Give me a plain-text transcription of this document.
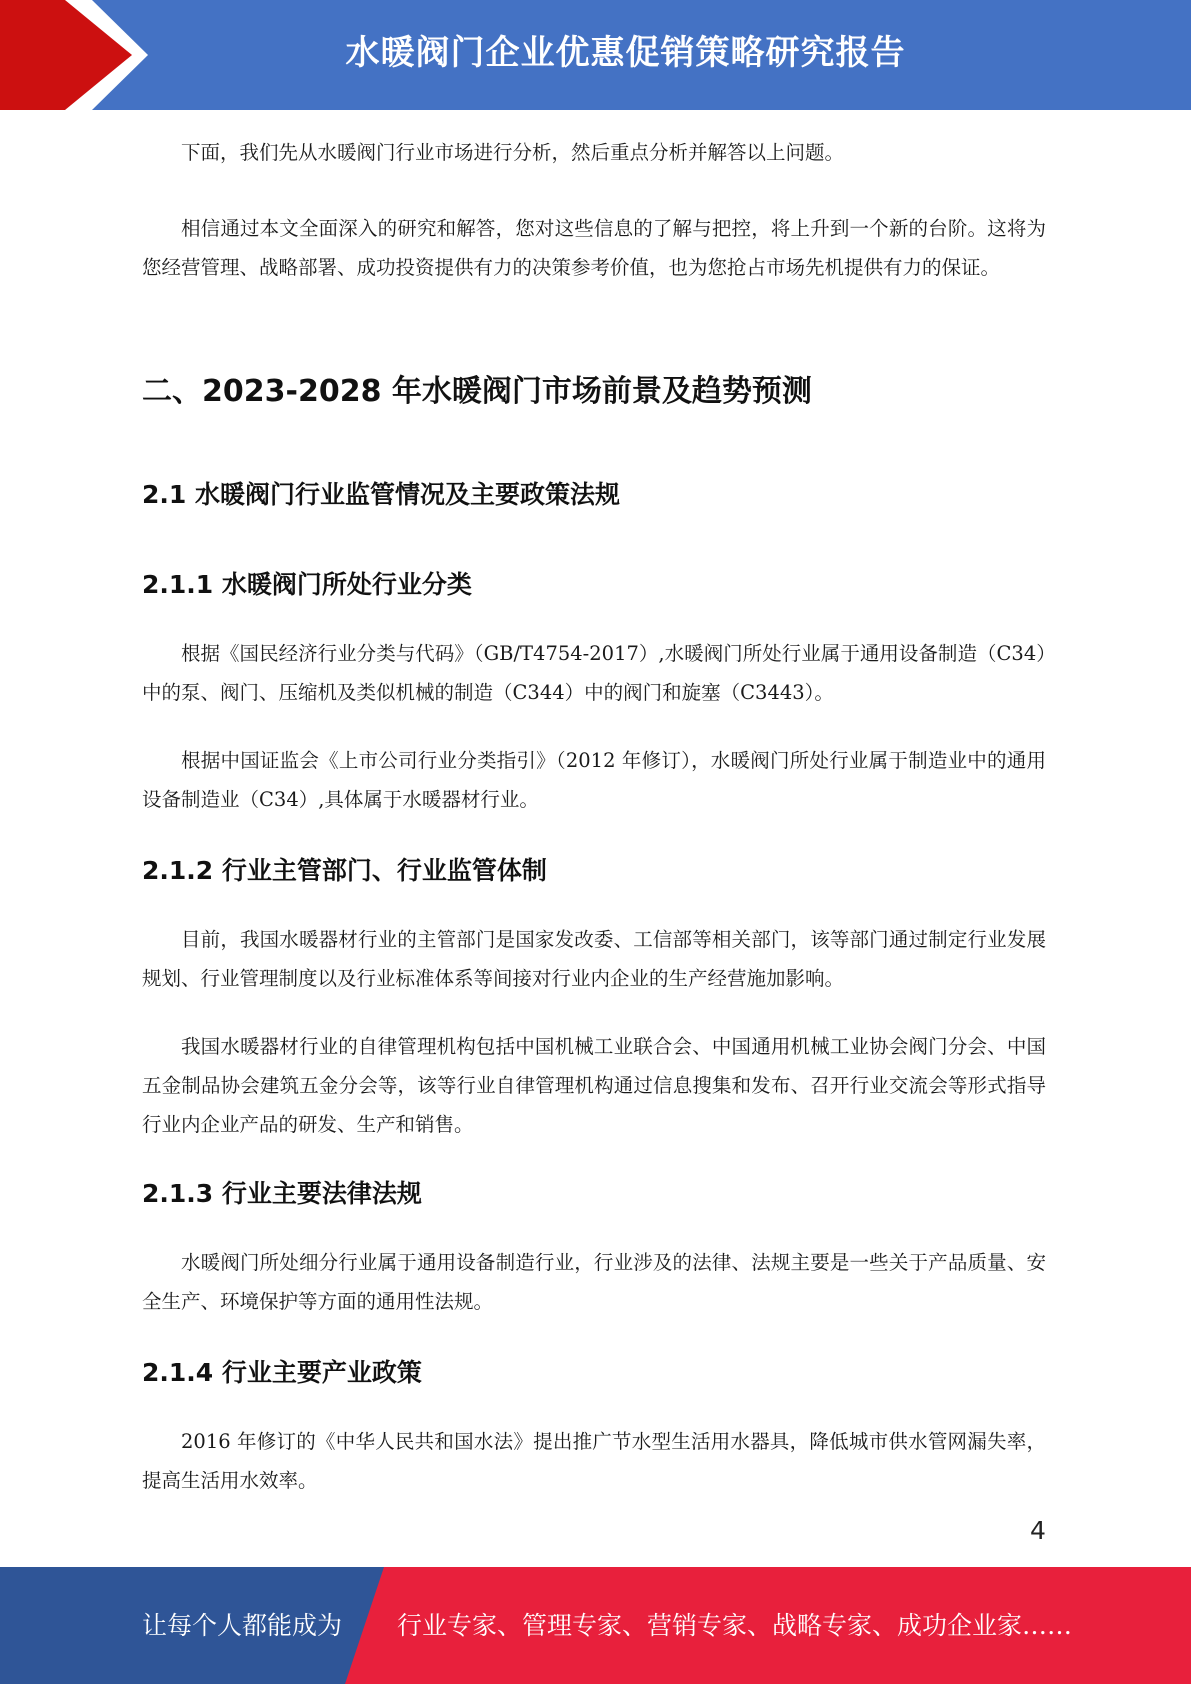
水暖阀门企业优惠促销策略研究报告

下面，我们先从水暖阀门行业市场进行分析，然后重点分析并解答以上问题。

相信通过本文全面深入的研究和解答，您对这些信息的了解与把控，将上升到一个新的台阶。这将为您经营管理、战略部署、成功投资提供有力的决策参考价值，也为您抢占市场先机提供有力的保证。

二、2023-2028 年水暖阀门市场前景及趋势预测
2.1 水暖阀门行业监管情况及主要政策法规
2.1.1 水暖阀门所处行业分类

根据《国民经济行业分类与代码》（GB/T4754-2017）,水暖阀门所处行业属于通用设备制造（C34）中的泵、阀门、压缩机及类似机械的制造（C344）中的阀门和旋塞（C3443）。

根据中国证监会《上市公司行业分类指引》（2012 年修订），水暖阀门所处行业属于制造业中的通用设备制造业（C34）,具体属于水暖器材行业。

2.1.2 行业主管部门、行业监管体制

目前，我国水暖器材行业的主管部门是国家发改委、工信部等相关部门，该等部门通过制定行业发展规划、行业管理制度以及行业标准体系等间接对行业内企业的生产经营施加影响。

我国水暖器材行业的自律管理机构包括中国机械工业联合会、中国通用机械工业协会阀门分会、中国五金制品协会建筑五金分会等，该等行业自律管理机构通过信息搜集和发布、召开行业交流会等形式指导行业内企业产品的研发、生产和销售。

2.1.3 行业主要法律法规

水暖阀门所处细分行业属于通用设备制造行业，行业涉及的法律、法规主要是一些关于产品质量、安全生产、环境保护等方面的通用性法规。

2.1.4 行业主要产业政策

2016 年修订的《中华人民共和国水法》提出推广节水型生活用水器具，降低城市供水管网漏失率，提高生活用水效率。

4
让每个人都能成为 行业专家、管理专家、营销专家、战略专家、成功企业家……
